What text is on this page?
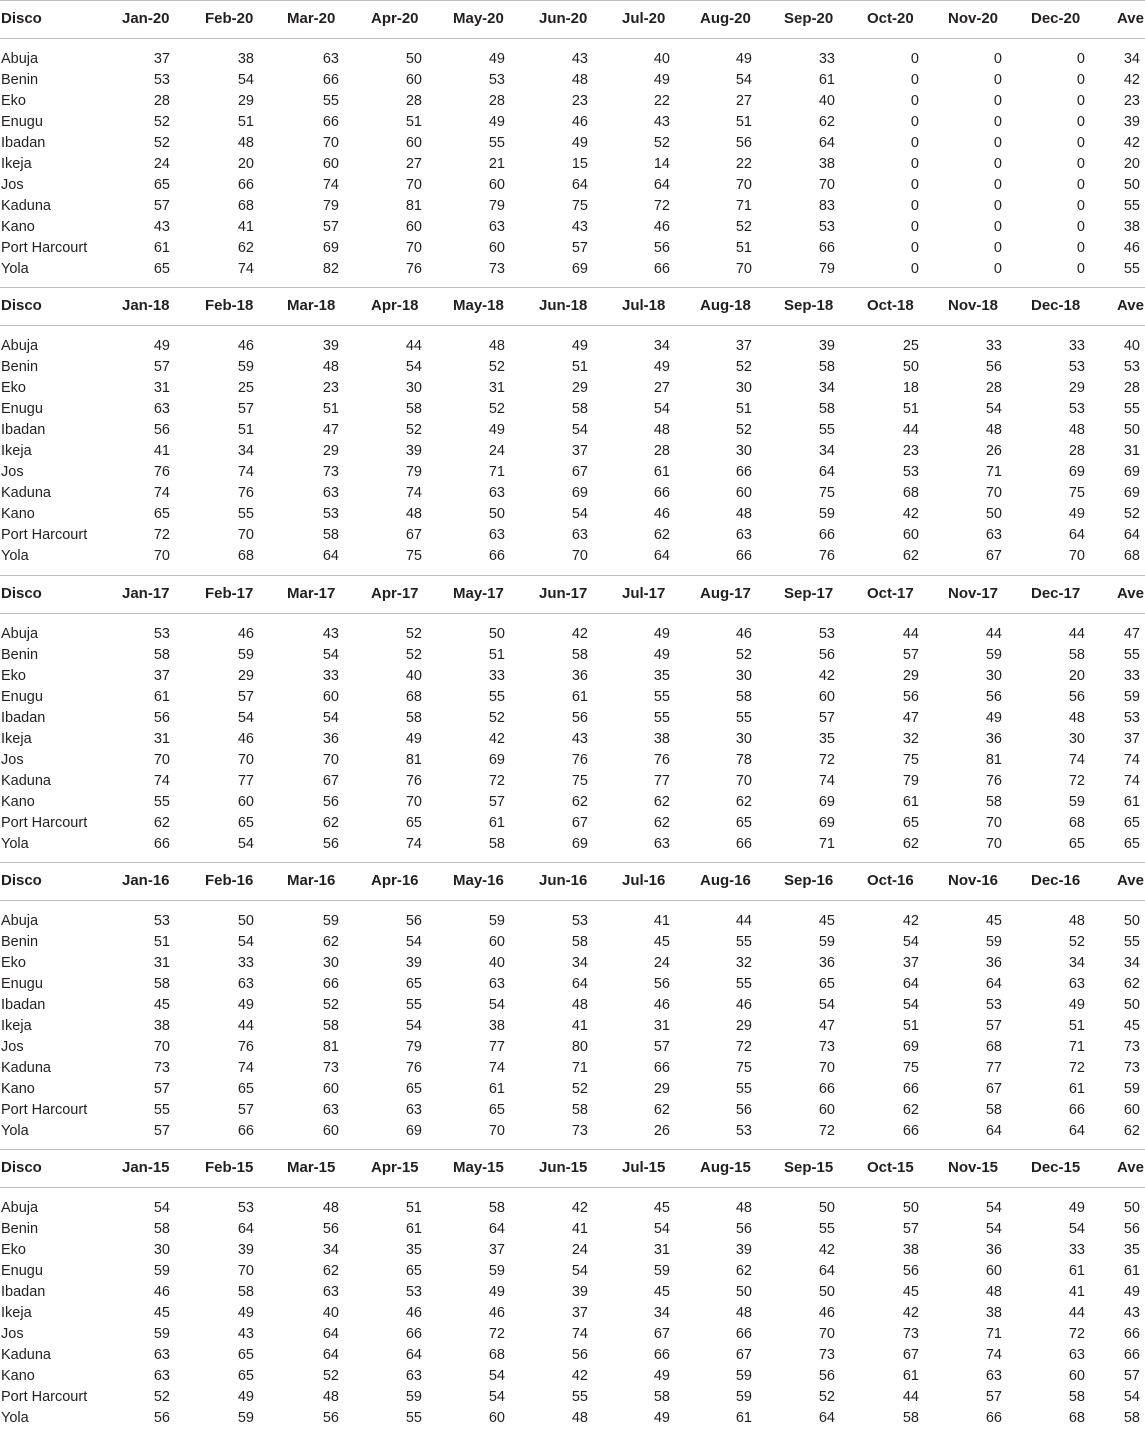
Disco	Jan-20 Feb-20 Mar-20 Apr-20 May-20 Jun-20 Jul-20 Aug-20 Sep-20 Oct-20 Nov-20 Dec-20 Ave
Abuja	37	38	63	50	49	43	40	49	33	0	0	0	34
Benin	53	54	66	60	53	48	49	54	61	0	0	0	42
Eko	28	29	55	28	28	23	22	27	40	0	0	0	23
Enugu	52	51	66	51	49	46	43	51	62	0	0	0	39
Ibadan	52	48	70	60	55	49	52	56	64	0	0	0	42
Ikeja	24	20	60	27	21	15	14	22	38	0	0	0	20
Jos	65	66	74	70	60	64	64	70	70	0	0	0	50
Kaduna	57	68	79	81	79	75	72	71	83	0	0	0	55
Kano	43	41	57	60	63	43	46	52	53	0	0	0	38
Port Harcourt	61	62	69	70	60	57	56	51	66	0	0	0	46
Yola	65	74	82	76	73	69	66	70	79	0	0	0	55
Disco	Jan-18 Feb-18 Mar-18 Apr-18 May-18 Jun-18 Jul-18 Aug-18 Sep-18 Oct-18 Nov-18 Dec-18 Ave
Abuja	49	46	39	44	48	49	34	37	39	25	33	33	40
Benin	57	59	48	54	52	51	49	52	58	50	56	53	53
Eko	31	25	23	30	31	29	27	30	34	18	28	29	28
Enugu	63	57	51	58	52	58	54	51	58	51	54	53	55
Ibadan	56	51	47	52	49	54	48	52	55	44	48	48	50
Ikeja	41	34	29	39	24	37	28	30	34	23	26	28	31
Jos	76	74	73	79	71	67	61	66	64	53	71	69	69
Kaduna	74	76	63	74	63	69	66	60	75	68	70	75	69
Kano	65	55	53	48	50	54	46	48	59	42	50	49	52
Port Harcourt	72	70	58	67	63	63	62	63	66	60	63	64	64
Yola	70	68	64	75	66	70	64	66	76	62	67	70	68
Disco	Jan-17 Feb-17 Mar-17 Apr-17 May-17 Jun-17 Jul-17 Aug-17 Sep-17 Oct-17 Nov-17 Dec-17 Ave
Abuja	53	46	43	52	50	42	49	46	53	44	44	44	47
Benin	58	59	54	52	51	58	49	52	56	57	59	58	55
Eko	37	29	33	40	33	36	35	30	42	29	30	20	33
Enugu	61	57	60	68	55	61	55	58	60	56	56	56	59
Ibadan	56	54	54	58	52	56	55	55	57	47	49	48	53
Ikeja	31	46	36	49	42	43	38	30	35	32	36	30	37
Jos	70	70	70	81	69	76	76	78	72	75	81	74	74
Kaduna	74	77	67	76	72	75	77	70	74	79	76	72	74
Kano	55	60	56	70	57	62	62	62	69	61	58	59	61
Port Harcourt	62	65	62	65	61	67	62	65	69	65	70	68	65
Yola	66	54	56	74	58	69	63	66	71	62	70	65	65
Disco	Jan-16 Feb-16 Mar-16 Apr-16 May-16 Jun-16 Jul-16 Aug-16 Sep-16 Oct-16 Nov-16 Dec-16 Ave
Abuja	53	50	59	56	59	53	41	44	45	42	45	48	50
Benin	51	54	62	54	60	58	45	55	59	54	59	52	55
Eko	31	33	30	39	40	34	24	32	36	37	36	34	34
Enugu	58	63	66	65	63	64	56	55	65	64	64	63	62
Ibadan	45	49	52	55	54	48	46	46	54	54	53	49	50
Ikeja	38	44	58	54	38	41	31	29	47	51	57	51	45
Jos	70	76	81	79	77	80	57	72	73	69	68	71	73
Kaduna	73	74	73	76	74	71	66	75	70	75	77	72	73
Kano	57	65	60	65	61	52	29	55	66	66	67	61	59
Port Harcourt	55	57	63	63	65	58	62	56	60	62	58	66	60
Yola	57	66	60	69	70	73	26	53	72	66	64	64	62
Disco	Jan-15 Feb-15 Mar-15 Apr-15 May-15 Jun-15 Jul-15 Aug-15 Sep-15 Oct-15 Nov-15 Dec-15 Ave
Abuja	54	53	48	51	58	42	45	48	50	50	54	49	50
Benin	58	64	56	61	64	41	54	56	55	57	54	54	56
Eko	30	39	34	35	37	24	31	39	42	38	36	33	35
Enugu	59	70	62	65	59	54	59	62	64	56	60	61	61
Ibadan	46	58	63	53	49	39	45	50	50	45	48	41	49
Ikeja	45	49	40	46	46	37	34	48	46	42	38	44	43
Jos	59	43	64	66	72	74	67	66	70	73	71	72	66
Kaduna	63	65	64	64	68	56	66	67	73	67	74	63	66
Kano	63	65	52	63	54	42	49	59	56	61	63	60	57
Port Harcourt	52	49	48	59	54	55	58	59	52	44	57	58	54
Yola	56	59	56	55	60	48	49	61	64	58	66	68	58
